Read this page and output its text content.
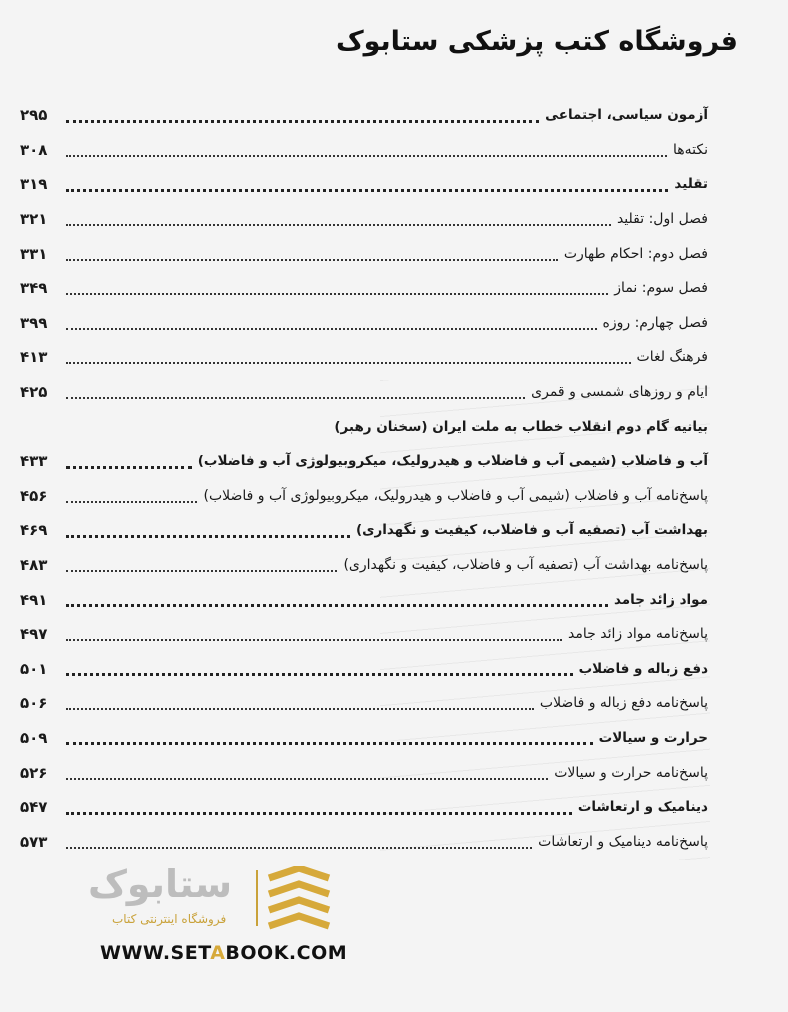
فروشگاه کتب پزشکی ستابوک
آزمون سیاسی، اجتماعی
۲۹۵
نکته‌ها
۳۰۸
تقلید
۳۱۹
فصل اول: تقلید
۳۲۱
فصل دوم: احکام طهارت
۳۳۱
فصل سوم: نماز
۳۴۹
فصل چهارم: روزه
۳۹۹
فرهنگ لغات
۴۱۳
ایام و روزهای شمسی و قمری
۴۲۵
بیانیه گام دوم انقلاب خطاب به ملت ایران (سخنان رهبر)
آب و فاضلاب (شیمی آب و فاضلاب و هیدرولیک، میکروبیولوژی آب و فاضلاب)
۴۳۳
پاسخ‌نامه آب و فاضلاب (شیمی آب و فاضلاب و هیدرولیک، میکروبیولوژی آب و فاضلاب)
۴۵۶
بهداشت آب (تصفیه آب و فاضلاب، کیفیت و نگهداری)
۴۶۹
پاسخ‌نامه بهداشت آب (تصفیه آب و فاضلاب، کیفیت و نگهداری)
۴۸۳
مواد زائد جامد
۴۹۱
پاسخ‌نامه مواد زائد جامد
۴۹۷
دفع زباله و فاضلاب
۵۰۱
پاسخ‌نامه دفع زباله و فاضلاب
۵۰۶
حرارت و سیالات
۵۰۹
پاسخ‌نامه حرارت و سیالات
۵۲۶
دینامیک و ارتعاشات
۵۴۷
پاسخ‌نامه دینامیک و ارتعاشات
۵۷۳
ستابوک
فروشگاه اینترنتی کتاب
WWW.SETABOOK.COM
